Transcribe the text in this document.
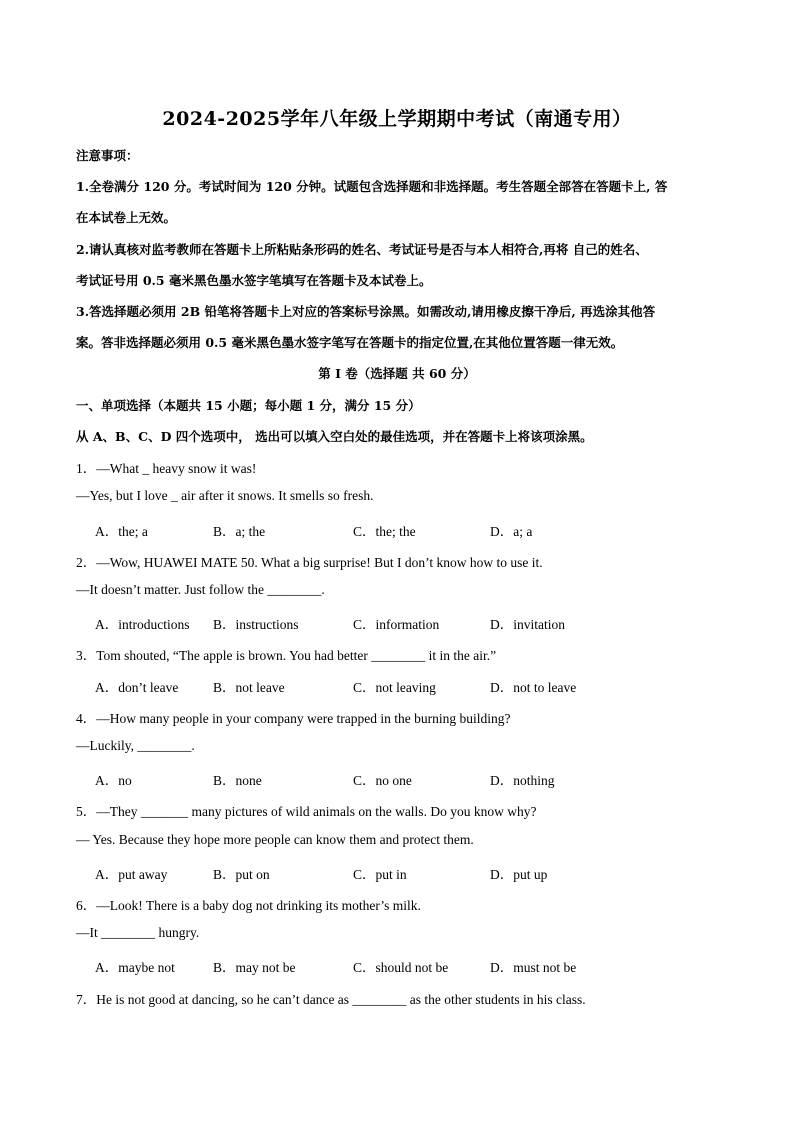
2024-2025学年八年级上学期期中考试（南通专用）
注意事项：
1.全卷满分 120 分。考试时间为 120 分钟。试题包含选择题和非选择题。考生答题全部答在答题卡上, 答
在本试卷上无效。
2.请认真核对监考教师在答题卡上所粘贴条形码的姓名、考试证号是否与本人相符合,再将 自己的姓名、
考试证号用 0.5 毫米黑色墨水签字笔填写在答题卡及本试卷上。
3.答选择题必须用 2B 铅笔将答题卡上对应的答案标号涂黑。如需改动,请用橡皮擦干净后, 再选涂其他答
案。答非选择题必须用 0.5 毫米黑色墨水签字笔写在答题卡的指定位置,在其他位置答题一律无效。
第 I 卷（选择题 共 60 分）
一、单项选择（本题共 15 小题；每小题 1 分，满分 15 分）
从 A、B、C、D 四个选项中， 选出可以填入空白处的最佳选项，并在答题卡上将该项涂黑。
1．—What _ heavy snow it was!
—Yes, but I love _ air after it snows. It smells so fresh.
A．the; a	B．a; the	C．the; the	D．a; a
2．—Wow, HUAWEI MATE 50. What a big surprise! But I don’t know how to use it.
—It doesn’t matter. Just follow the ________.
A．introductions B．instructions	C．information	D．invitation
3．Tom shouted, “The apple is brown. You had better ________ it in the air.”
A．don’t leave	B．not leave	C．not leaving	D．not to leave
4．—How many people in your company were trapped in the burning building?
—Luckily, ________.
A．no	B．none	C．no one	D．nothing
5．—They _______ many pictures of wild animals on the walls. Do you know why?
— Yes. Because they hope more people can know them and protect them.
A．put away	B．put on	C．put in	D．put up
6．—Look! There is a baby dog not drinking its mother’s milk.
—It ________ hungry.
A．maybe not	B．may not be	C．should not be	D．must not be
7．He is not good at dancing, so he can’t dance as ________ as the other students in his class.
